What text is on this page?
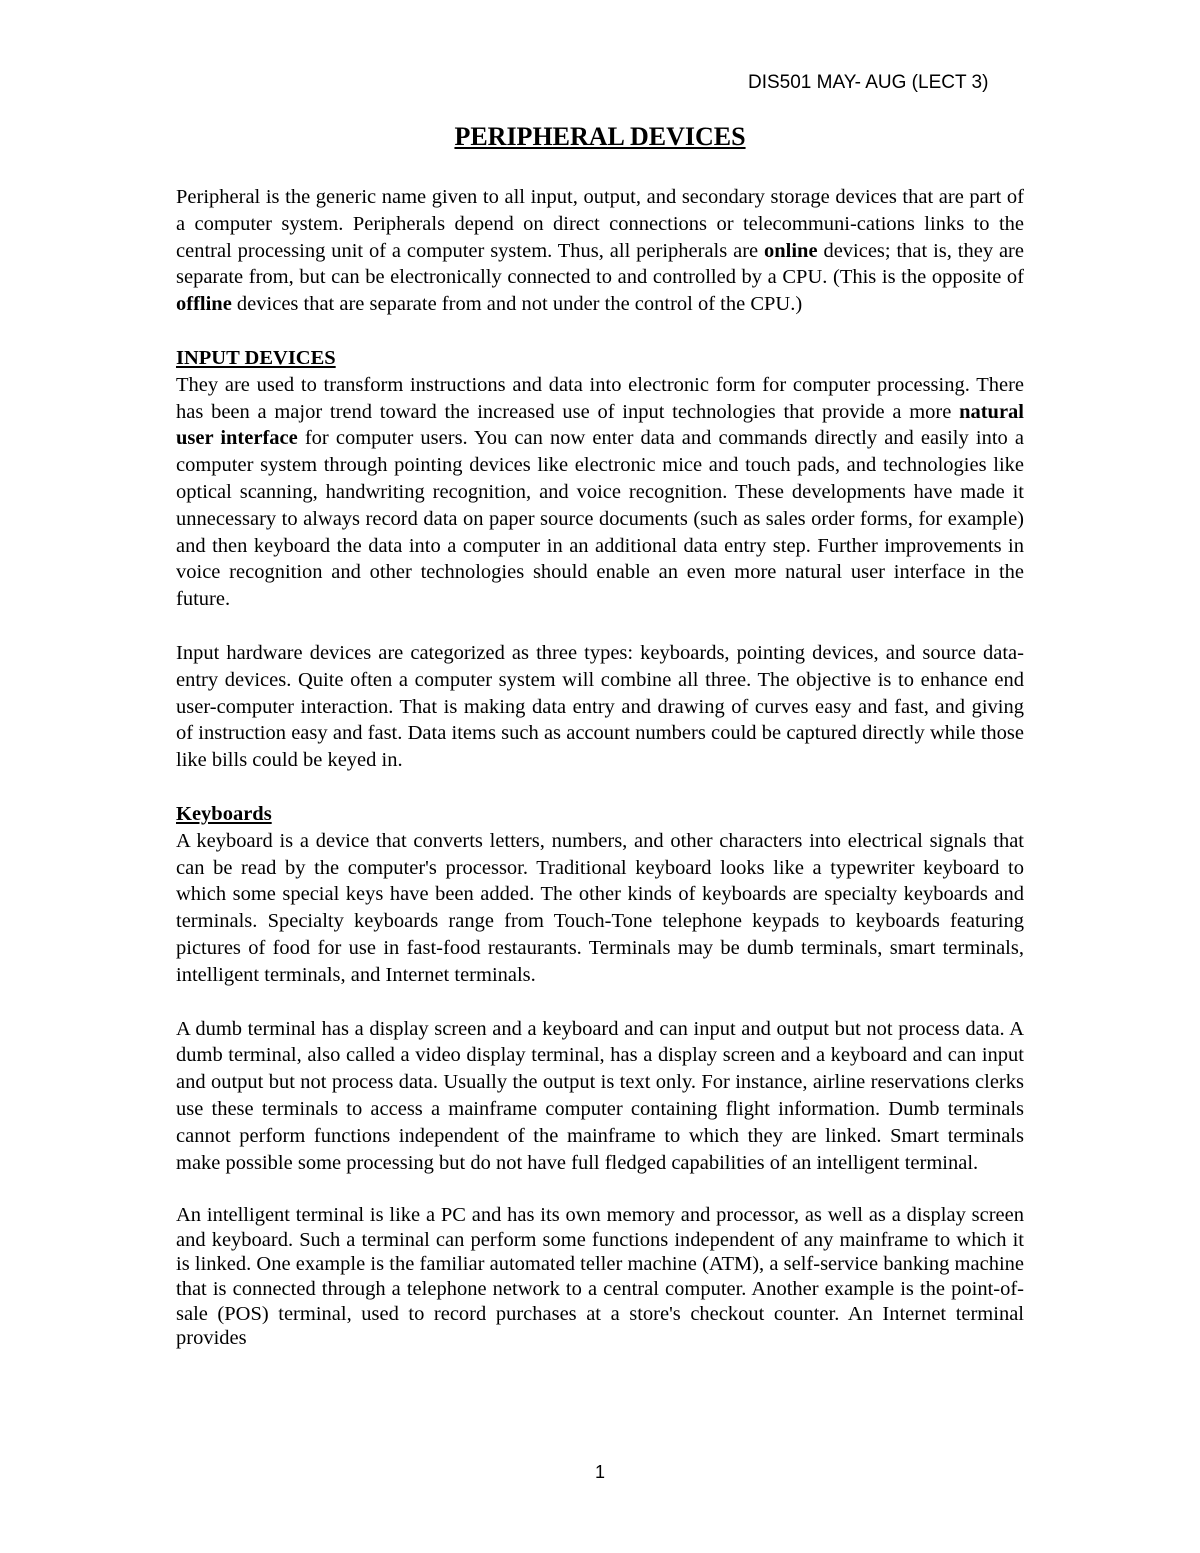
DIS501 MAY- AUG (LECT 3)
PERIPHERAL DEVICES

Peripheral is the generic name given to all input, output, and secondary storage devices that are part of a computer system. Peripherals depend on direct connections or telecommuni-cations links to the central processing unit of a computer system. Thus, all peripherals are online devices; that is, they are separate from, but can be electronically connected to and controlled by a CPU. (This is the opposite of offline devices that are separate from and not under the control of the CPU.)

INPUT DEVICES

They are used to transform instructions and data into electronic form for computer processing. There has been a major trend toward the increased use of input technologies that provide a more natural user interface for computer users. You can now enter data and commands directly and easily into a computer system through pointing devices like electronic mice and touch pads, and technologies like optical scanning, handwriting recognition, and voice recognition. These developments have made it unnecessary to always record data on paper source documents (such as sales order forms, for example) and then keyboard the data into a computer in an additional data entry step. Further improvements in voice recognition and other technologies should enable an even more natural user interface in the future.

Input hardware devices are categorized as three types: keyboards, pointing devices, and source data-entry devices. Quite often a computer system will combine all three. The objective is to enhance end user-computer interaction. That is making data entry and drawing of curves easy and fast, and giving of instruction easy and fast. Data items such as account numbers could be captured directly while those like bills could be keyed in.

Keyboards

A keyboard is a device that converts letters, numbers, and other characters into electrical signals that can be read by the computer's processor. Traditional keyboard looks like a typewriter keyboard to which some special keys have been added. The other kinds of keyboards are specialty keyboards and terminals. Specialty keyboards range from Touch-Tone telephone keypads to keyboards featuring pictures of food for use in fast-food restaurants. Terminals may be dumb terminals, smart terminals, intelligent terminals, and Internet terminals.

A dumb terminal has a display screen and a keyboard and can input and output but not process data. A dumb terminal, also called a video display terminal, has a display screen and a keyboard and can input and output but not process data. Usually the output is text only. For instance, airline reservations clerks use these terminals to access a mainframe computer containing flight information. Dumb terminals cannot perform functions independent of the mainframe to which they are linked. Smart terminals make possible some processing but do not have full fledged capabilities of an intelligent terminal.

An intelligent terminal is like a PC and has its own memory and processor, as well as a display screen and keyboard. Such a terminal can perform some functions independent of any mainframe to which it is linked. One example is the familiar automated teller machine (ATM), a self-service banking machine that is connected through a telephone network to a central computer. Another example is the point-of-sale (POS) terminal, used to record purchases at a store's checkout counter. An Internet terminal provides

1
